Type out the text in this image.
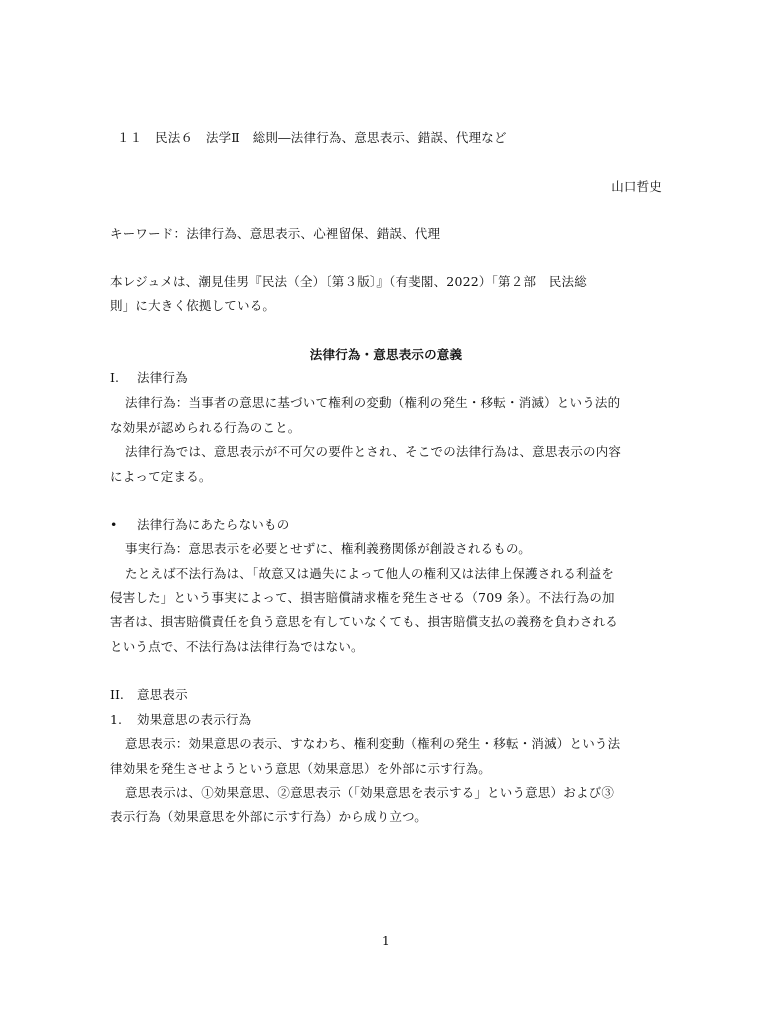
１１　民法６　法学Ⅱ　総則―法律行為、意思表示、錯誤、代理など
山口哲史
キーワード：法律行為、意思表示、心裡留保、錯誤、代理
本レジュメは、潮見佳男『民法（全）〔第３版〕』（有斐閣、2022）「第２部　民法総
則」に大きく依拠している。
法律行為・意思表示の意義
I. 法律行為
法律行為：当事者の意思に基づいて権利の変動（権利の発生・移転・消滅）という法的
な効果が認められる行為のこと。
法律行為では、意思表示が不可欠の要件とされ、そこでの法律行為は、意思表示の内容
によって定まる。
• 法律行為にあたらないもの
事実行為：意思表示を必要とせずに、権利義務関係が創設されるもの。
たとえば不法行為は、「故意又は過失によって他人の権利又は法律上保護される利益を
侵害した」という事実によって、損害賠償請求権を発生させる（709 条）。不法行為の加
害者は、損害賠償責任を負う意思を有していなくても、損害賠償支払の義務を負わされる
という点で、不法行為は法律行為ではない。
II. 意思表示
1. 効果意思の表示行為
意思表示：効果意思の表示、すなわち、権利変動（権利の発生・移転・消滅）という法
律効果を発生させようという意思（効果意思）を外部に示す行為。
意思表示は、①効果意思、②意思表示（「効果意思を表示する」という意思）および③
表示行為（効果意思を外部に示す行為）から成り立つ。
1
